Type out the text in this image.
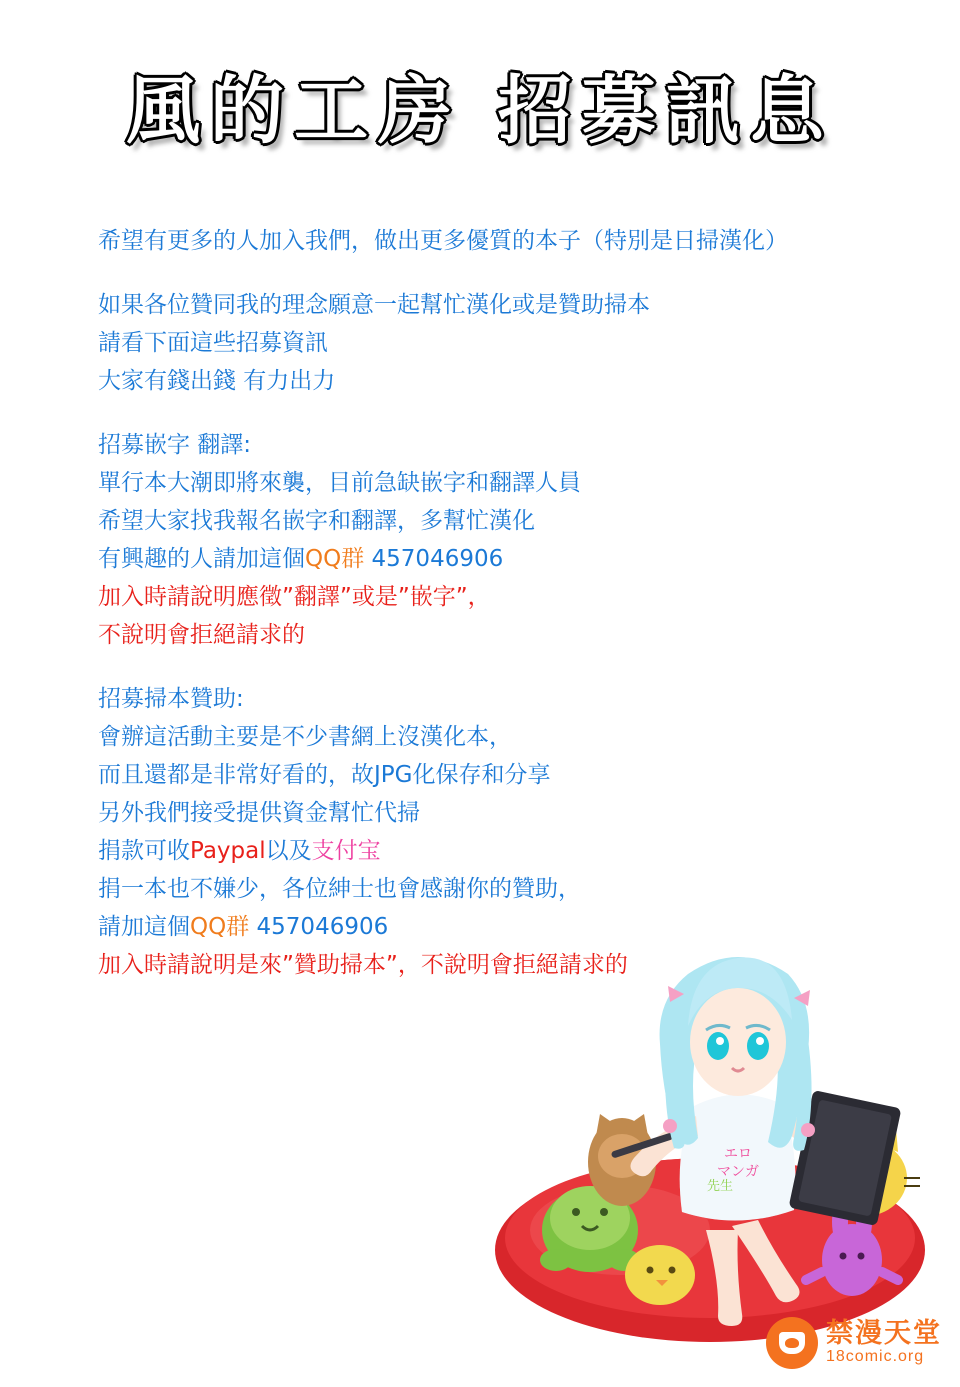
風的工房 招募訊息
希望有更多的人加入我們，做出更多優質的本子（特別是日掃漢化）
如果各位贊同我的理念願意一起幫忙漢化或是贊助掃本
請看下面這些招募資訊
大家有錢出錢 有力出力
招募嵌字 翻譯:
單行本大潮即將來襲，目前急缺嵌字和翻譯人員
希望大家找我報名嵌字和翻譯，多幫忙漢化
有興趣的人請加這個QQ群 457046906
加入時請說明應徵”翻譯”或是”嵌字”，
不說明會拒絕請求的
招募掃本贊助:
會辦這活動主要是不少書網上沒漢化本，
而且還都是非常好看的，故JPG化保存和分享
另外我們接受提供資金幫忙代掃
捐款可收Paypal以及支付宝
捐一本也不嫌少，各位紳士也會感謝你的贊助，
請加這個QQ群 457046906
加入時請說明是來”贊助掃本”，不說明會拒絕請求的
エロ
マンガ
先生
禁漫天堂
18comic.org
